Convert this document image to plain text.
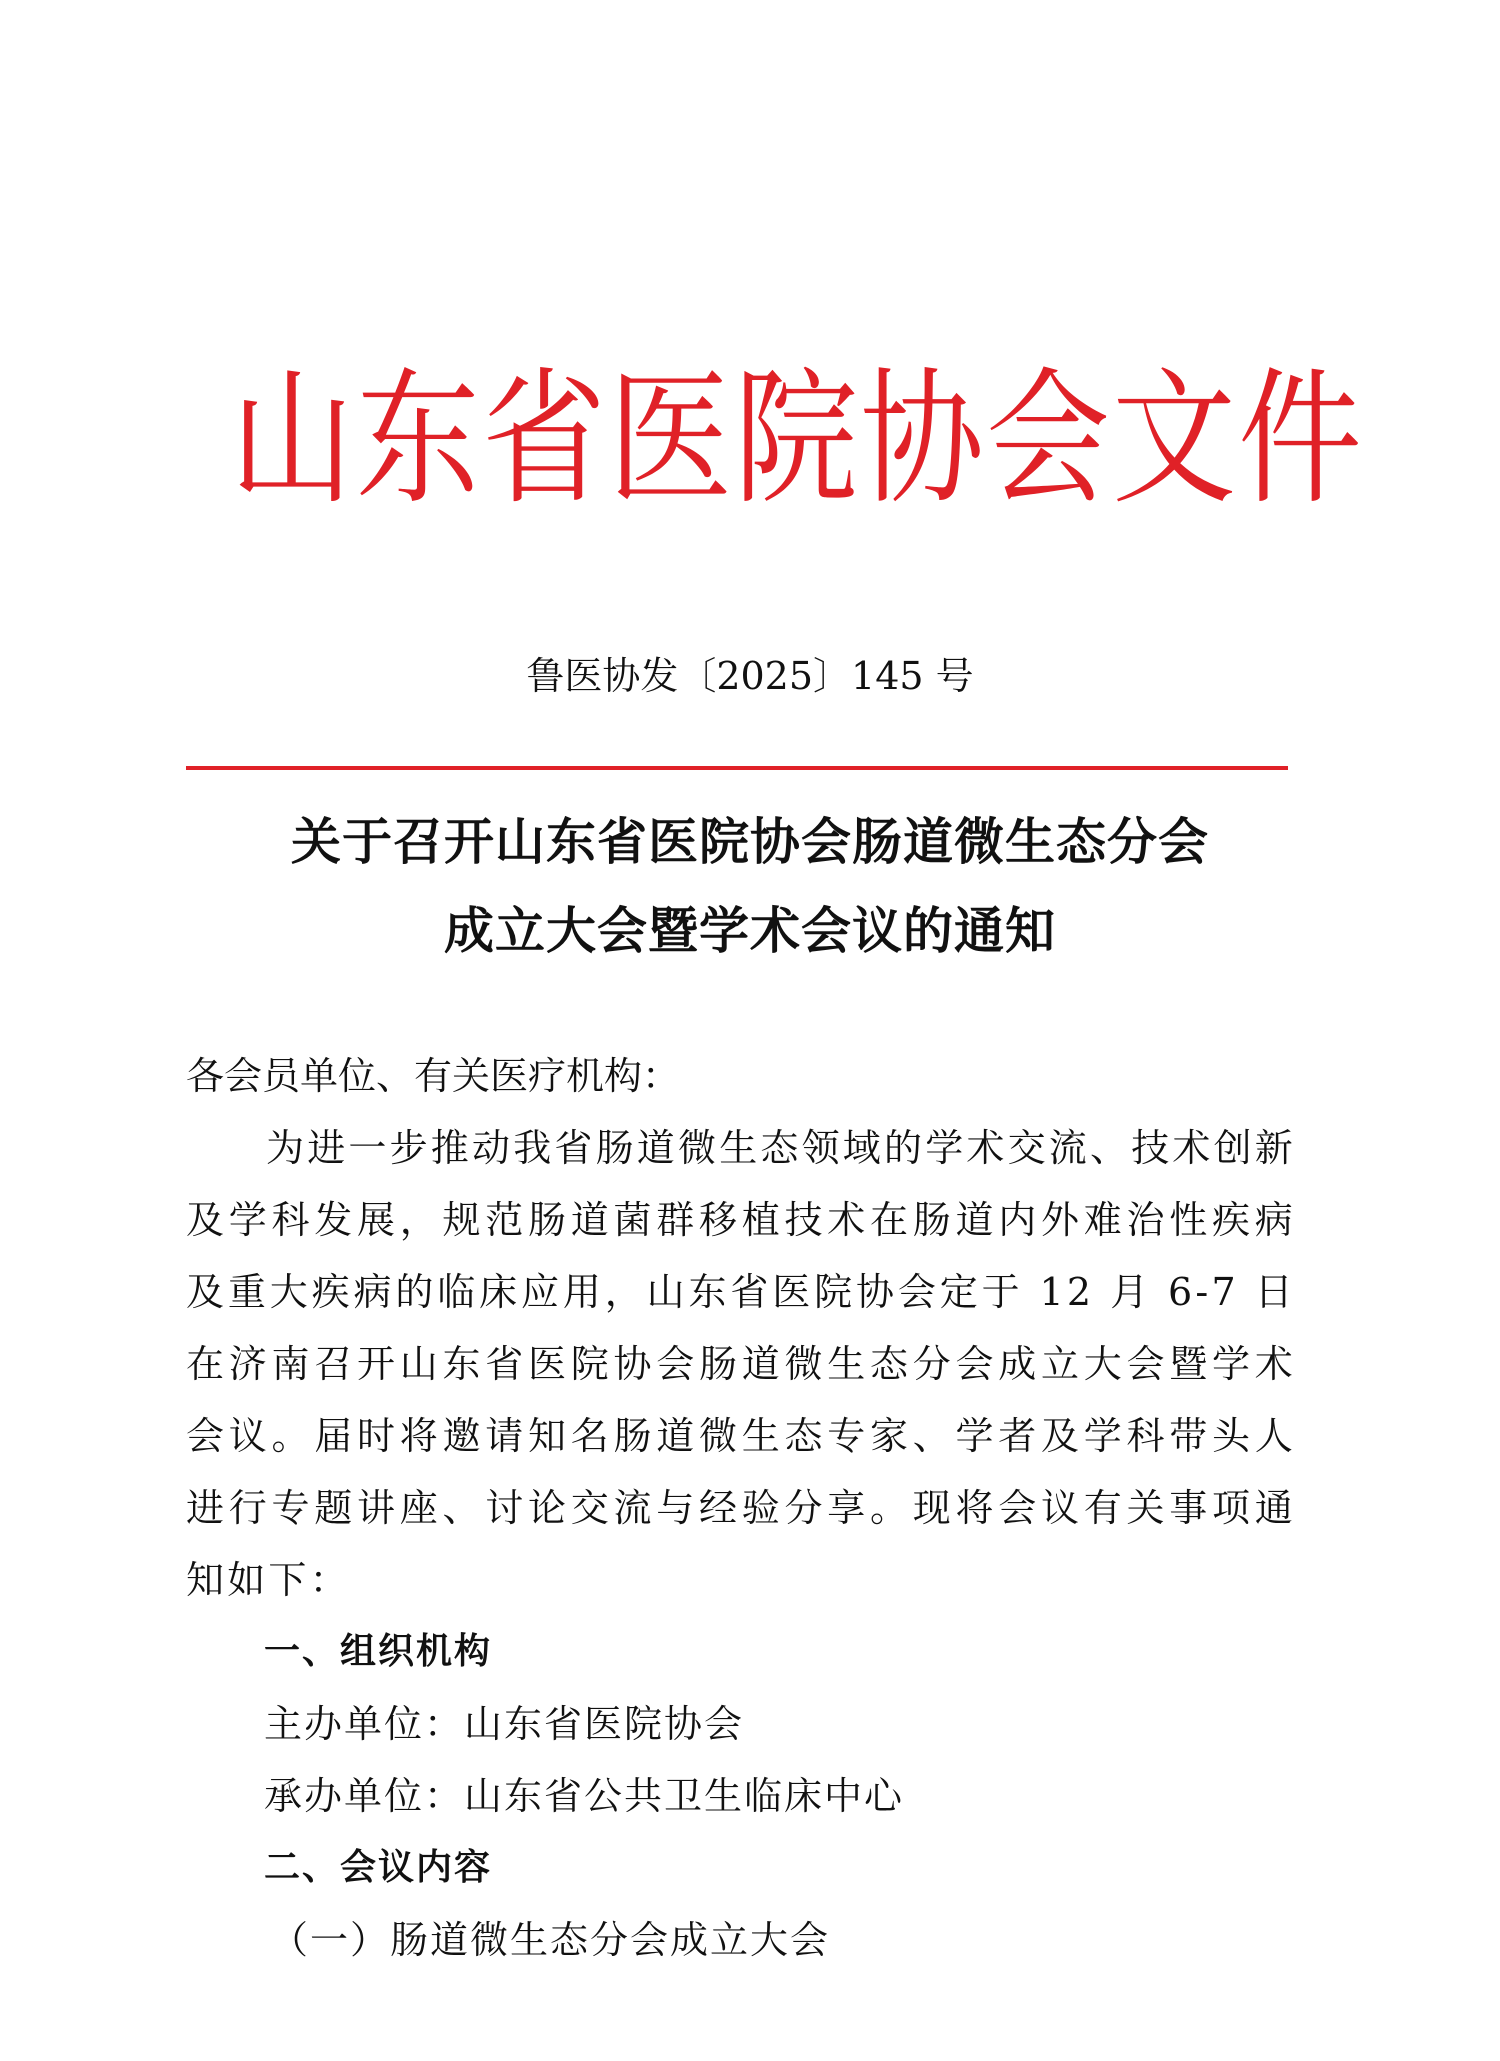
山东省医院协会文件

鲁医协发〔2025〕145 号

关于召开山东省医院协会肠道微生态分会
成立大会暨学术会议的通知

各会员单位、有关医疗机构：

为进一步推动我省肠道微生态领域的学术交流、技术创新及学科发展，规范肠道菌群移植技术在肠道内外难治性疾病及重大疾病的临床应用，山东省医院协会定于 12 月 6-7 日在济南召开山东省医院协会肠道微生态分会成立大会暨学术会议。届时将邀请知名肠道微生态专家、学者及学科带头人进行专题讲座、讨论交流与经验分享。现将会议有关事项通知如下：

一、组织机构

主办单位：山东省医院协会

承办单位：山东省公共卫生临床中心

二、会议内容

（一）肠道微生态分会成立大会
